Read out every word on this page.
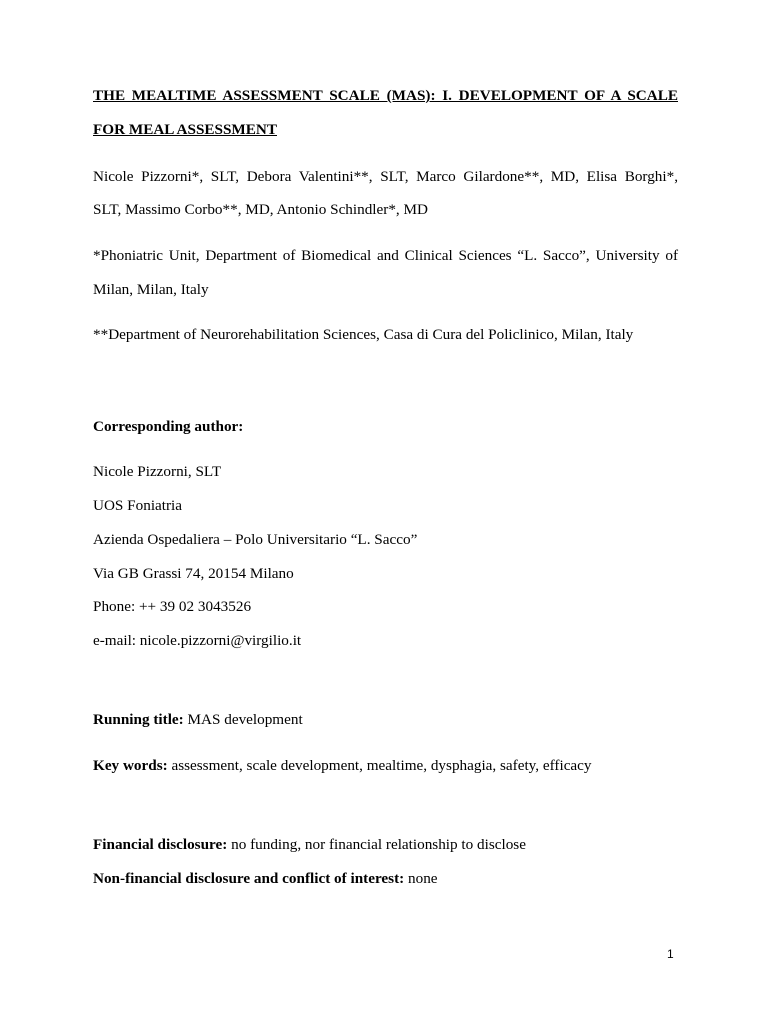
THE MEALTIME ASSESSMENT SCALE (MAS): I. DEVELOPMENT OF A SCALE
FOR MEAL ASSESSMENT
Nicole Pizzorni*, SLT, Debora Valentini**, SLT, Marco Gilardone**, MD, Elisa Borghi*,
SLT, Massimo Corbo**, MD, Antonio Schindler*, MD
*Phoniatric Unit, Department of Biomedical and Clinical Sciences “L. Sacco”, University of
Milan, Milan, Italy
**Department of Neurorehabilitation Sciences, Casa di Cura del Policlinico, Milan, Italy
Corresponding author:
Nicole Pizzorni, SLT
UOS Foniatria
Azienda Ospedaliera – Polo Universitario “L. Sacco”
Via GB Grassi 74, 20154 Milano
Phone: ++ 39 02 3043526
e-mail: nicole.pizzorni@virgilio.it
Running title: MAS development
Key words: assessment, scale development, mealtime, dysphagia, safety, efficacy
Financial disclosure: no funding, nor financial relationship to disclose
Non-financial disclosure and conflict of interest: none
1
